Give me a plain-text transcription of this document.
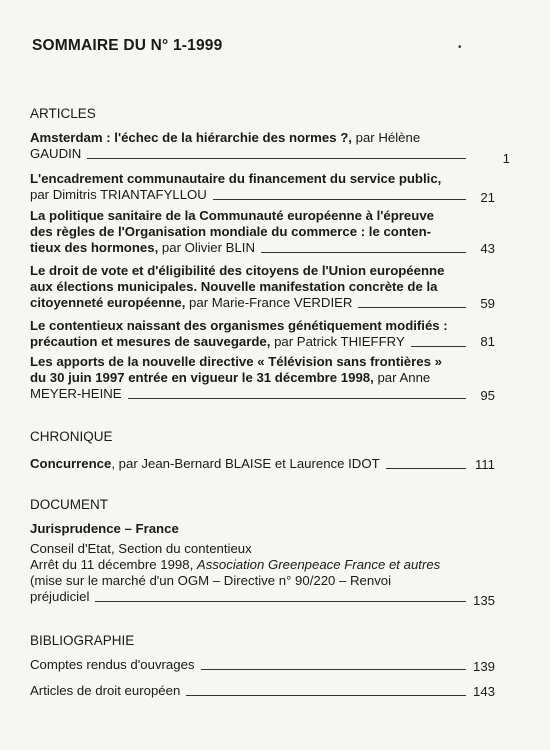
SOMMAIRE DU N° 1-1999	•
ARTICLES
Amsterdam : l'échec de la hiérarchie des normes ?, par Hélène
GAUDIN	1
L'encadrement communautaire du financement du service public,
par Dimitris TRIANTAFYLLOU	21
La politique sanitaire de la Communauté européenne à l'épreuve
des règles de l'Organisation mondiale du commerce : le conten-
tieux des hormones, par Olivier BLIN	43
Le droit de vote et d'éligibilité des citoyens de l'Union européenne
aux élections municipales. Nouvelle manifestation concrète de la
citoyenneté européenne, par Marie-France VERDIER	59
Le contentieux naissant des organismes génétiquement modifiés :
précaution et mesures de sauvegarde, par Patrick THIEFFRY	81
Les apports de la nouvelle directive « Télévision sans frontières »
du 30 juin 1997 entrée en vigueur le 31 décembre 1998, par Anne
MEYER-HEINE	95
CHRONIQUE
Concurrence , par Jean-Bernard BLAISE et Laurence IDOT	111
DOCUMENT
Jurisprudence – France
Conseil d'Etat, Section du contentieux
Arrêt du 11 décembre 1998, Association Greenpeace France et autres
(mise sur le marché d'un OGM – Directive n° 90/220 – Renvoi
préjudiciel	135
BIBLIOGRAPHIE
Comptes rendus d'ouvrages	139
Articles de droit européen	143
